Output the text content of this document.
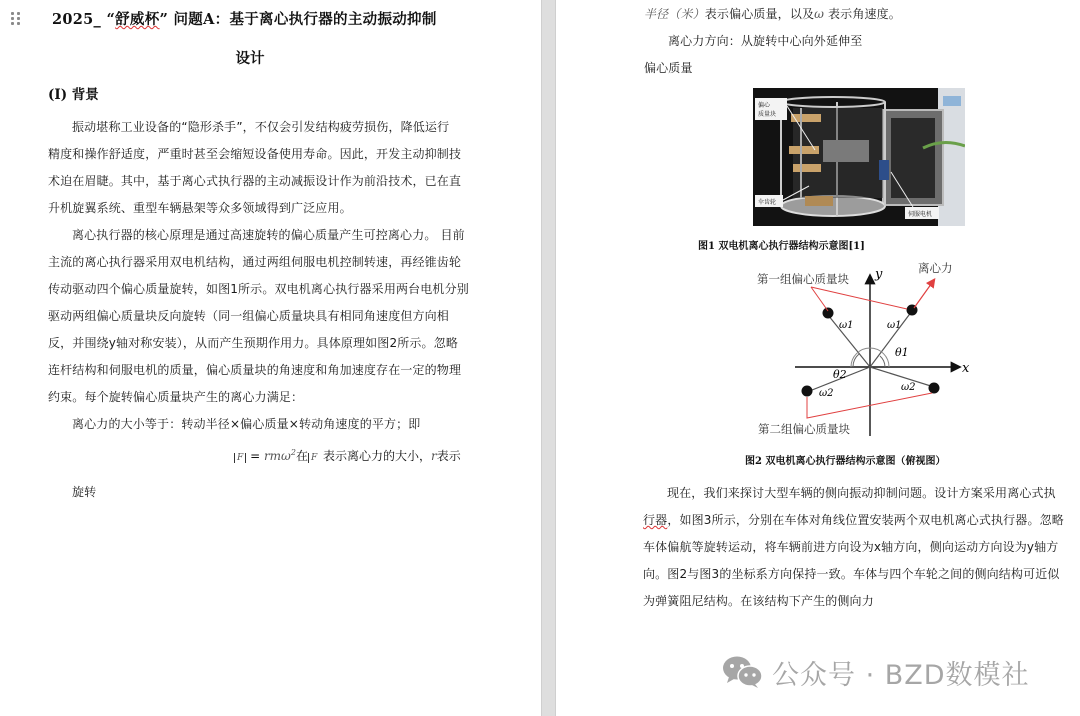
2025_ “舒威杯” 问题A：基于离心执行器的主动振动抑制
设计
(I) 背景
振动堪称工业设备的“隐形杀手”，不仅会引发结构疲劳损伤，降低运行
精度和操作舒适度，严重时甚至会缩短设备使用寿命。因此，开发主动抑制技
术迫在眉睫。其中，基于离心式执行器的主动减振设计作为前沿技术，已在直
升机旋翼系统、重型车辆悬架等众多领域得到广泛应用。
离心执行器的核心原理是通过高速旋转的偏心质量产生可控离心力。 目前
主流的离心执行器采用双电机结构，通过两组伺服电机控制转速，再经锥齿轮
传动驱动四个偏心质量旋转，如图1所示。双电机离心执行器采用两台电机分别
驱动两组偏心质量块反向旋转（同一组偏心质量块具有相同角速度但方向相
反，并围绕y轴对称安装），从而产生预期作用力。具体原理如图2所示。忽略
连杆结构和伺服电机的质量，偏心质量块的角速度和角加速度存在一定的物理
约束。每个旋转偏心质量块产生的离心力满足：
离心力的大小等于：转动半径×偏心质量×转动角速度的平方；即
F = rmω$^2$在 F 表示离心力的大小，r表示
旋转
半径（米）表示偏心质量，以及ω 表示角速度。
离心力方向：从旋转中心向外延伸至
偏心质量
偏心
质量块
伞齿轮
伺服电机
图1 双电机离心执行器结构示意图[1]
x
y
第一组偏心质量块
离心力
第二组偏心质量块
ω1	ω1
θ1
θ2
ω2
ω2
图2 双电机离心执行器结构示意图（俯视图）
现在，我们来探讨大型车辆的侧向振动抑制问题。设计方案采用离心式执
行器，如图3所示，分别在车体对角线位置安装两个双电机离心式执行器。忽略
车体偏航等旋转运动，将车辆前进方向设为x轴方向，侧向运动方向设为y轴方
向。图2与图3的坐标系方向保持一致。车体与四个车轮之间的侧向结构可近似
为弹簧阻尼结构。在该结构下产生的侧向力
公众号 · BZD数模社
